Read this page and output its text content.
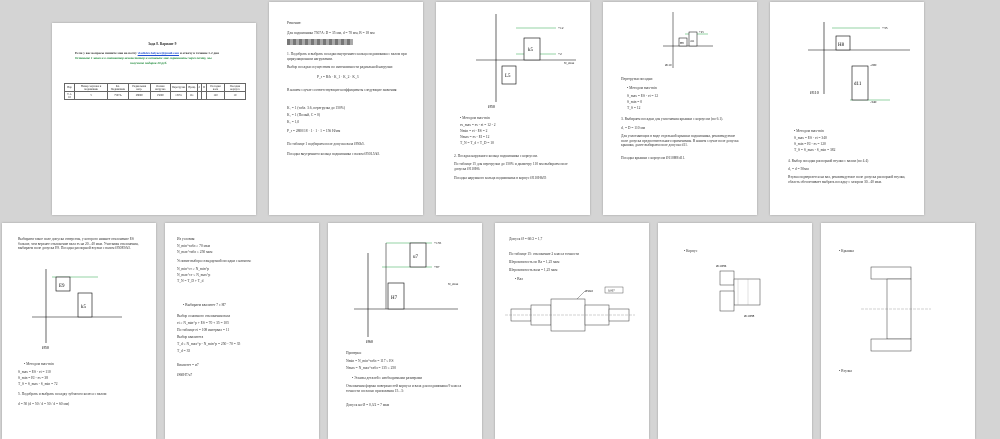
Зада 8. Вариант 9
Если у вас вопросы пишите мне на почту vladislav.belyaev@gmail.com и отвечу в течение 1-2 дня
Оставьте 1 заказ и в мотиватор неилистатор и оставьте мне скриншоты через почту, мы
получите подарок 20 руб.
Вар	Номер чертежа и подшипник	Кл. Подшипник	Радиальная нагр.	Осевая нагрузка	Перегрузка	Вращ.	d	D	Посадки вала	Посадки корпуса
Т-1-10	5	7507А	28000	15000	150%	Ос.			120	10
Решение:
Для подшипника 7507А: D = 35 мм, d = 70 мм, B = 18 мм
1. Подобрать и выбрать посадки внутреннего кольца подшипника с валом при циркуляционном нагружении.
Выбор посадки осуществим по интенсивности радиальной нагрузки:
P_r = R/b · K_1 · K_2 · K_3
В нашем случае соответствующие коэффициенты следующие значения:
K₁ = 1 (табл. 3.6, перегрузка до 150%)
K₂ = 1 (Полый, C = 0)
K₃ = 1,0
P_r = 2800/18 · 1 · 1 · 1 = 156 Н/мм
По таблице 1 подбираем поле допуска вала Ø50k5.
Посадка внутреннего кольца подшипника с валом Ø50L5/k5.
k5
L5
+12
+2
N_max
Ø50
• Методом max-min
es_max = es - ei = 12 - 2
Nmin = ei - ES = 2
Nmax = es - EI = 12
T_N = T_d + T_D = 10
2. Посадка наружного кольца подшипника с корпусом.
По таблице 15 для перегрузки до 150% и диаметру 110 мм выбираем поле допуска Ø110H6.
Посадка наружного кольца подшипника в корпус Ø110H6/l5
+25
H8 d11
Ø110
Перегрузки посадки:
• Методом max-min
S_max = ES - ei = 12
S_min = 0
T_S = 12
3. Выбираем посадки для уплотнения крышки с корпусом (по 6.1).
d₁ = D = 110 мм
Для уплотняющих в виде отдельной крышки подшипника, рекомендуемое поле допуска предпочтительного применения. В нашем случае поле допуска крышки, далее выбираем поле допуска d11.
Посадка крышки с корпусом Ø110H8/d11.
+35
H8
d11
-200
-340
Ø110
• Методом max-min
S_max = ES - ei = 340
S_min = EI - es = 120
T_S = S_max - S_min = 382
4. Выбор посадки распорной втулки с валом (по 4.4)
d₂ = d = 50мм
Втулка подвергается на вал, рекомендуемое поле допуска распорной втулки, область обеспечивает выбрать посадку с зазором 30...40 мкм.
Выбираем такое поле допуска отверстия, у которого нижнее отклонение ES больше, чем верхнее отклонение вала es на 20...40 мкм. Учитывая отклонения, выбираем поле допуска E9. Посадка распорной втулки с валом Ø50E9/k5.
E9
k5
Ø50
• Методом max-min
S_max = ES - ei = 110
S_min = EI - es = 38
T_S = S_max - S_min = 72
5. Подобрать и выбрать посадку зубчатого колеса с валом:
d = 50 (d = 50 / d = 50 / d = 60 мм)
Из условия:
N_min^табл ≥ 70 мкм
N_max^табл ≤ 250 мкм
Условие выбора стандартной посадки с натягом:
N_min^ст ≥ N_min^р
N_max^ст ≤ N_max^р
T_N = T_D + T_d
• Выбираем квалитет 7 с H7
Выбор основного отклонения вала
ei ≥ N_min^р + ES = 70 + 35 = 105
По таблице ei = 108 интервал = 11
Выбор квалитета
T_d ≤ N_max^р - N_min^р = 250 - 70 = 35
T_d = 35
Квалитет = и7
Ø60H7/u7
+135
+87
u7
H7
N_max
Ø60
Проверка:
Nmin = N_min^табл = 117 ≤ ES
Nmax = N_max^табл = 135 ≤ 250
• Эскизы деталей с необходимыми размерами
Отклонения формы поверхностей корпуса и вала для подшипника 9 класса точности согласно приложения 15...3:
Допуск на Ø = 0,3/2 = 7 мкм
Допуск Ø = 60/2 = 1,7
По таблице 15: отклонение 2 класса точности
Шероховатость по Ra = 1,25 мкм
Шероховатость вала = 1,25 мкм
• Вал
Ø50k5	0,007
• Корпус
Ø110H6
Ø110H8
• Крышка
• Втулка
